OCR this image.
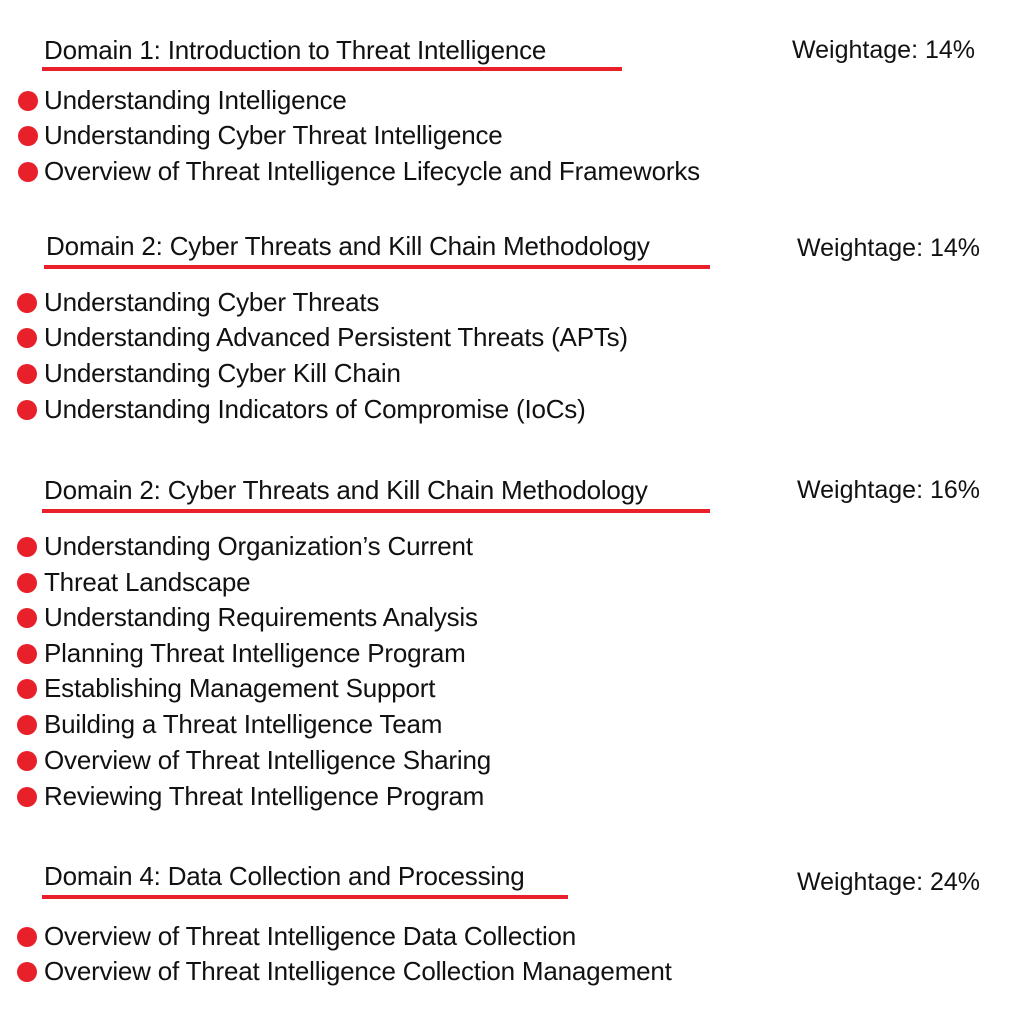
Domain 1: Introduction to Threat Intelligence	Weightage: 14%
Understanding Intelligence
Understanding Cyber Threat Intelligence
Overview of Threat Intelligence Lifecycle and Frameworks
Domain 2: Cyber Threats and Kill Chain Methodology	Weightage: 14%
Understanding Cyber Threats
Understanding Advanced Persistent Threats (APTs)
Understanding Cyber Kill Chain
Understanding Indicators of Compromise (IoCs)
Domain 2: Cyber Threats and Kill Chain Methodology	Weightage: 16%
Understanding Organization’s Current
Threat Landscape
Understanding Requirements Analysis
Planning Threat Intelligence Program
Establishing Management Support
Building a Threat Intelligence Team
Overview of Threat Intelligence Sharing
Reviewing Threat Intelligence Program
Domain 4: Data Collection and Processing	Weightage: 24%
Overview of Threat Intelligence Data Collection
Overview of Threat Intelligence Collection Management
